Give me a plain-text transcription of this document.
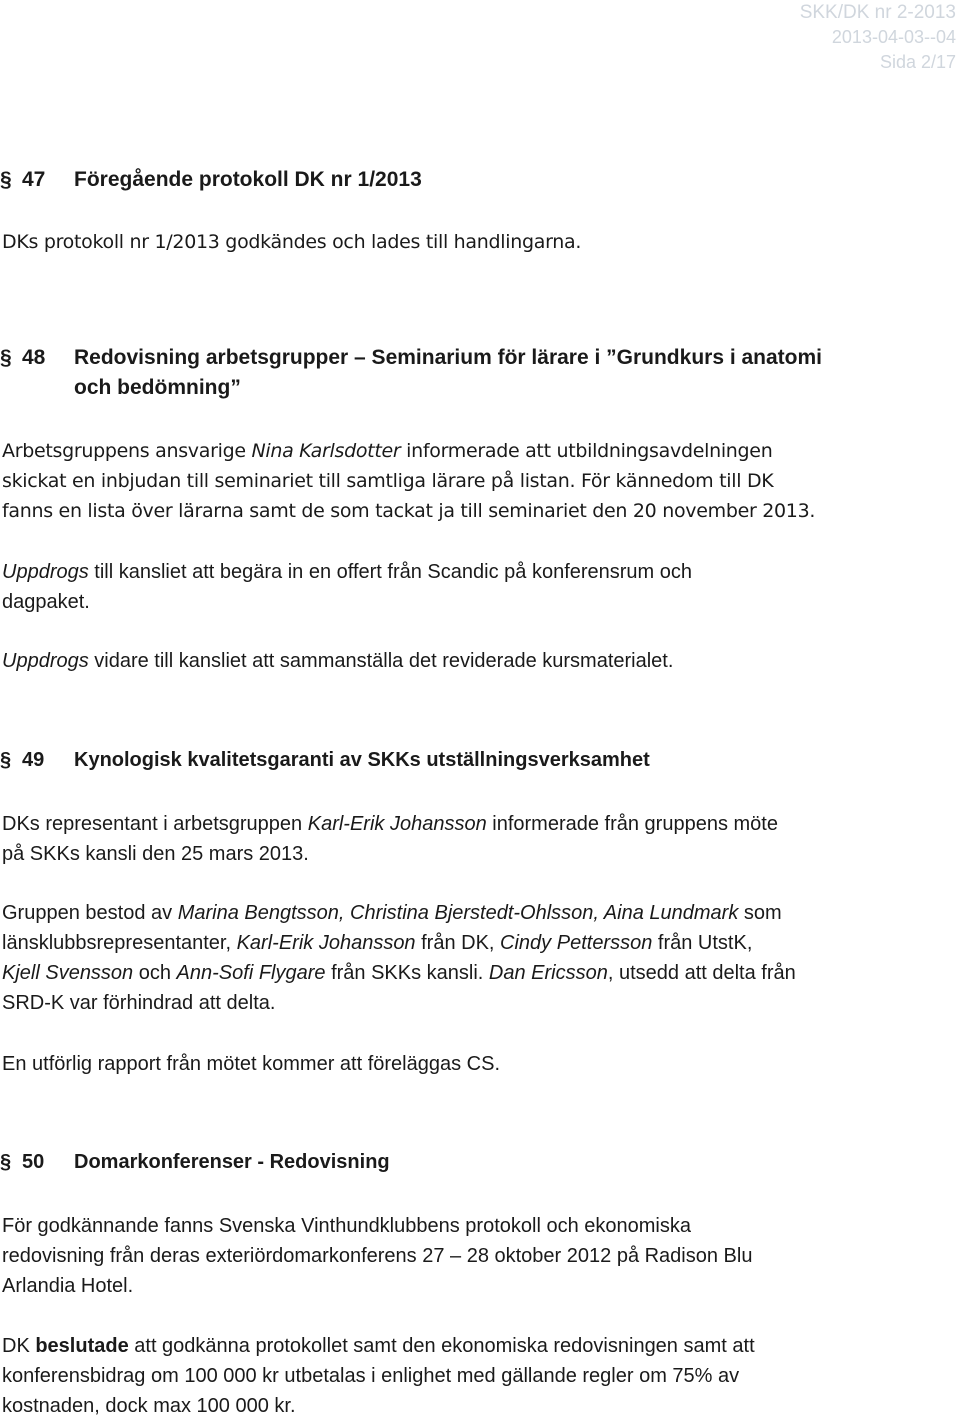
SKK/DK nr 2-2013
2013-04-03--04
Sida 2/17
§ 47 Föregående protokoll DK nr 1/2013
DKs protokoll nr 1/2013 godkändes och lades till handlingarna.
§ 48 Redovisning arbetsgrupper – Seminarium för lärare i ”Grundkurs i anatomi
och bedömning”
Arbetsgruppens ansvarige Nina Karlsdotter informerade att utbildningsavdelningen
skickat en inbjudan till seminariet till samtliga lärare på listan. För kännedom till DK
fanns en lista över lärarna samt de som tackat ja till seminariet den 20 november 2013.
Uppdrogs till kansliet att begära in en offert från Scandic på konferensrum och
dagpaket.
Uppdrogs vidare till kansliet att sammanställa det reviderade kursmaterialet.
§ 49 Kynologisk kvalitetsgaranti av SKKs utställningsverksamhet
DKs representant i arbetsgruppen Karl-Erik Johansson informerade från gruppens möte
på SKKs kansli den 25 mars 2013.
Gruppen bestod av Marina Bengtsson, Christina Bjerstedt-Ohlsson, Aina Lundmark som
länsklubbsrepresentanter, Karl-Erik Johansson från DK, Cindy Pettersson från UtstK,
Kjell Svensson och Ann-Sofi Flygare från SKKs kansli. Dan Ericsson, utsedd att delta från
SRD-K var förhindrad att delta.
En utförlig rapport från mötet kommer att föreläggas CS.
§ 50 Domarkonferenser - Redovisning
För godkännande fanns Svenska Vinthundklubbens protokoll och ekonomiska
redovisning från deras exteriördomarkonferens 27 – 28 oktober 2012 på Radison Blu
Arlandia Hotel.
DK beslutade att godkänna protokollet samt den ekonomiska redovisningen samt att
konferensbidrag om 100 000 kr utbetalas i enlighet med gällande regler om 75% av
kostnaden, dock max 100 000 kr.
